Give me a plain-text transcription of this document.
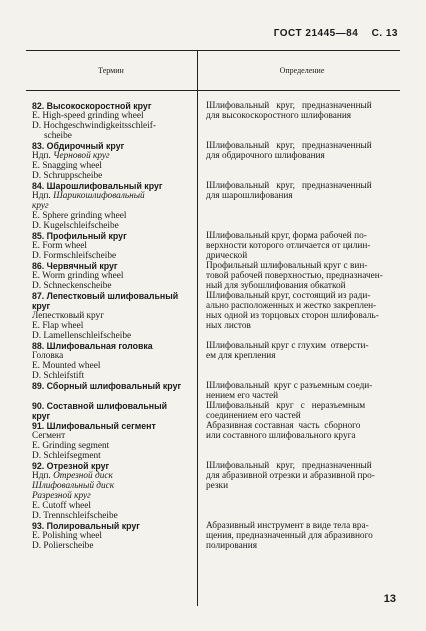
ГОСТ 21445—84 С. 13
Термин	Определение
82. Высокоскоростной круг
E. High-speed grinding wheel
D. Hochgeschwindigkeitsschleif-
scheibe
83. Обдирочный круг
Ндп. Черновой круг
E. Snagging wheel
D. Schruppscheibe
84. Шарошлифовальный круг
Ндп. Шарикошлифовальный
круг
E. Sphere grinding wheel
D. Kugelschleifscheibe
85. Профильный круг
E. Form wheel
D. Formschleifscheibe
86. Червячный круг
E. Worm grinding wheel
D. Schneckenscheibe
87. Лепестковый шлифовальный
круг
Лепестковый круг
E. Flap wheel
D. Lamellenschleifscheibe
88. Шлифовальная головка
Головка
E. Mounted wheel
D. Schleifstift
89. Сборный шлифовальный круг
90. Составной шлифовальный
круг
91. Шлифовальный сегмент
Сегмент
E. Grinding segment
D. Schleifsegment
92. Отрезной круг
Ндп. Отрезной диск
Шлифовальный диск
Разрезной круг
E. Cutoff wheel
D. Trennschleifscheibe
93. Полировальный круг
E. Polishing wheel
D. Polierscheibe
Шлифовальный   круг,   предназначенный
для высокоскоростного шлифования
Шлифовальный   круг,   предназначенный
для обдирочного шлифования
Шлифовальный   круг,   предназначенный
для шарошлифования
Шлифовальный круг, форма рабочей по-
верхности которого отличается от цилин-
дрической
Профильный шлифовальный круг с вин-
товой рабочей поверхностью, предназначен-
ный для зубошлифования обкаткой
Шлифовальный круг, состоящий из ради-
ально расположенных и жестко закреплен-
ных одной из торцовых сторон шлифоваль-
ных листов
Шлифовальный круг с глухим  отверсти-
ем для крепления
Шлифовальный  круг с разъемным соеди-
нением его частей
Шлифовальный   круг   с   неразъемным
соединением его частей
Абразивная составная  часть  сборного
или составного шлифовального круга
Шлифовальный   круг,   предназначенный
для абразивной отрезки и абразивной про-
резки
Абразивный инструмент в виде тела вра-
щения, предназначенный для абразивного
полирования
13
